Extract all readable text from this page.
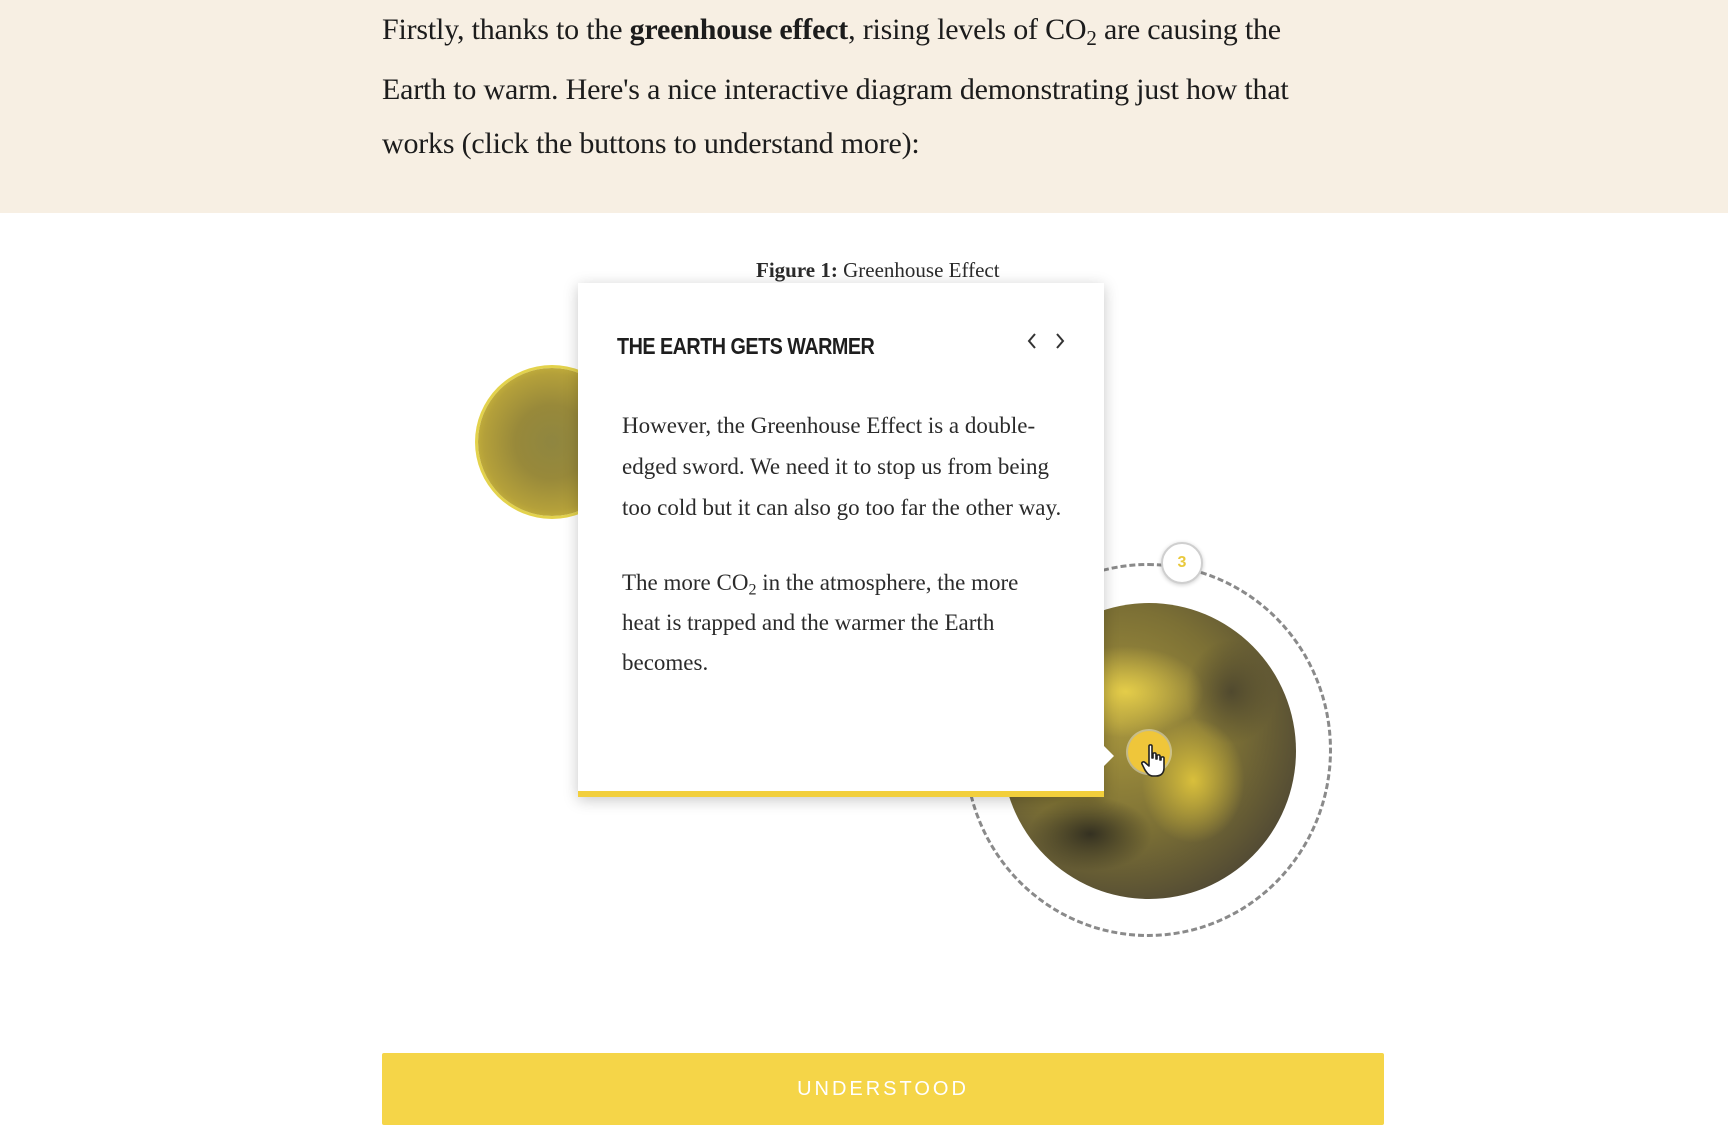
Firstly, thanks to the greenhouse effect, rising levels of $CO_2$ are causing the
Earth to warm. Here's a nice interactive diagram demonstrating just how that
works (click the buttons to understand more):

Figure 1: Greenhouse Effect
3
THE EARTH GETS WARMER

However, the Greenhouse Effect is a double-edged sword. We need it to stop us from being too cold but it can also go too far the other way.

The more $CO_2$ in the atmosphere, the more heat is trapped and the warmer the Earth becomes.

UNDERSTOOD
